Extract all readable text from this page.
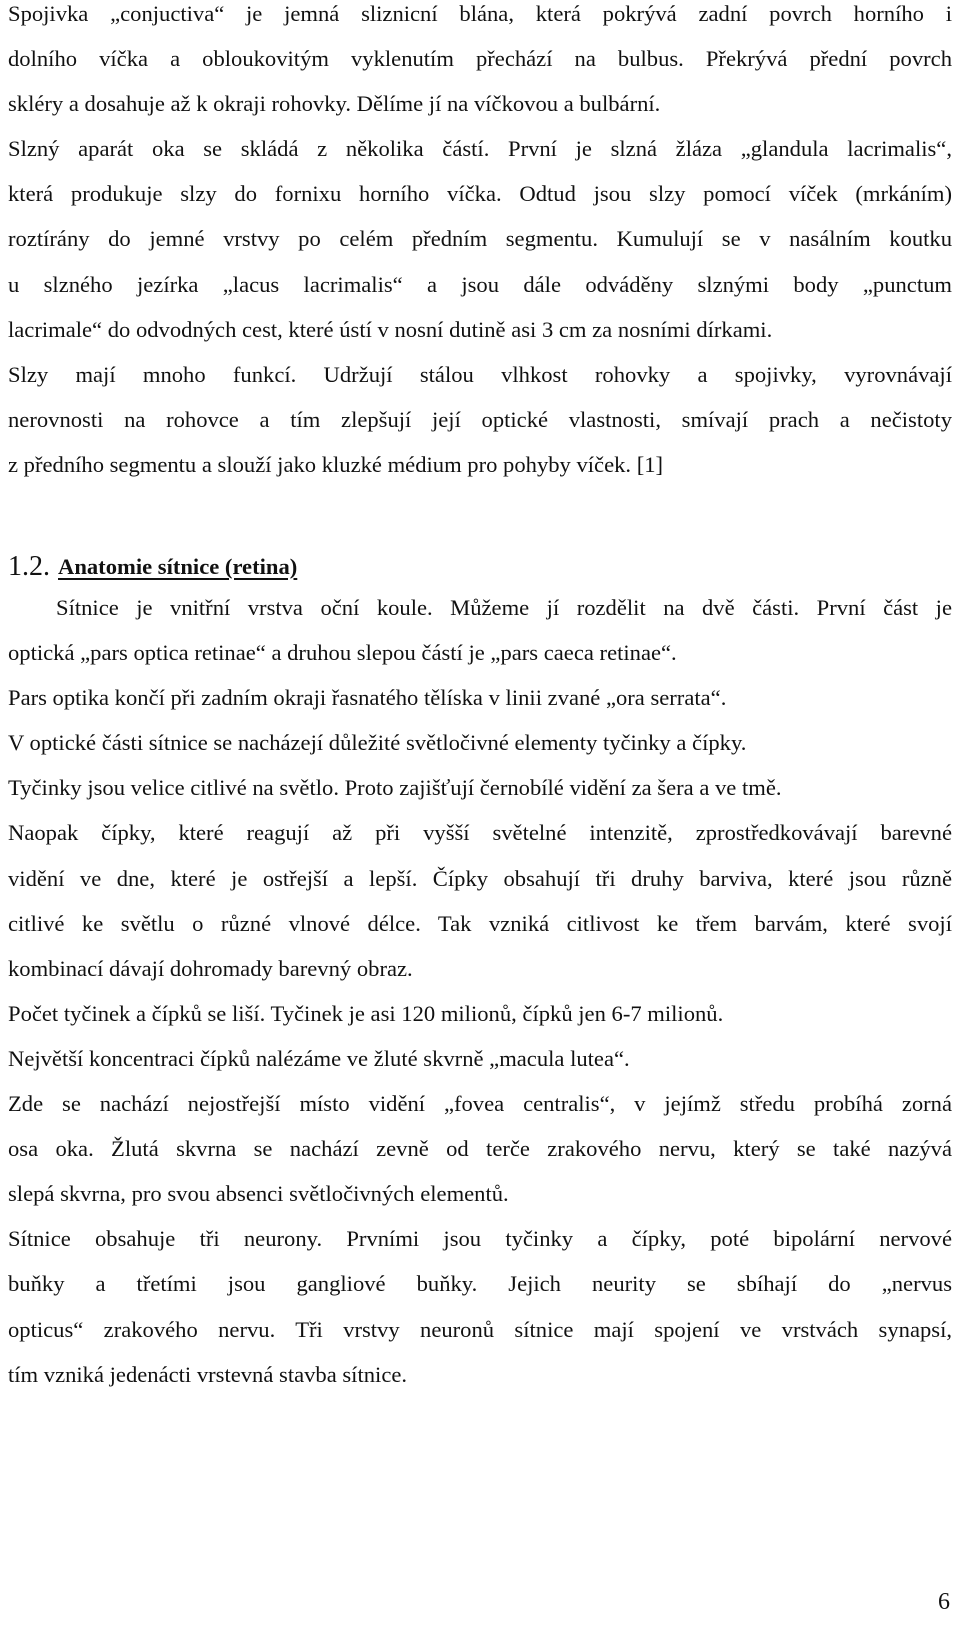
Spojivka „conjuctiva“ je jemná sliznicní blána, která pokrývá zadní povrch horního i
dolního víčka a obloukovitým vyklenutím přechází na bulbus. Překrývá přední povrch
skléry a dosahuje až k okraji rohovky. Dělíme jí na víčkovou a bulbární.
Slzný aparát oka se skládá z několika částí. První je slzná žláza „glandula lacrimalis“,
která produkuje slzy do fornixu horního víčka. Odtud jsou slzy pomocí víček (mrkáním)
roztírány do jemné vrstvy po celém předním segmentu. Kumulují se v nasálním koutku
u slzného jezírka „lacus lacrimalis“ a jsou dále odváděny slznými body „punctum
lacrimale“ do odvodných cest, které ústí v nosní dutině asi 3 cm za nosními dírkami.
Slzy mají mnoho funkcí. Udržují stálou vlhkost rohovky a spojivky, vyrovnávají
nerovnosti na rohovce a tím zlepšují její optické vlastnosti, smívají prach a nečistoty
z předního segmentu a slouží jako kluzké médium pro pohyby víček. [1]
1.2. Anatomie sítnice (retina)
Sítnice je vnitřní vrstva oční koule. Můžeme jí rozdělit na dvě části. První část je
optická „pars optica retinae“ a druhou slepou částí je „pars caeca retinae“.
Pars optika končí při zadním okraji řasnatého tělíska v linii zvané „ora serrata“.
V optické části sítnice se nacházejí důležité světločivné elementy tyčinky a čípky.
Tyčinky jsou velice citlivé na světlo. Proto zajišťují černobílé vidění za šera a ve tmě.
Naopak čípky, které reagují až při vyšší světelné intenzitě, zprostředkovávají barevné
vidění ve dne, které je ostřejší a lepší. Čípky obsahují tři druhy barviva, které jsou různě
citlivé ke světlu o různé vlnové délce. Tak vzniká citlivost ke třem barvám, které svojí
kombinací dávají dohromady barevný obraz.
Počet tyčinek a čípků se liší. Tyčinek je asi 120 milionů, čípků jen 6-7 milionů.
Největší koncentraci čípků nalézáme ve žluté skvrně „macula lutea“.
Zde se nachází nejostřejší místo vidění „fovea centralis“, v jejímž středu probíhá zorná
osa oka. Žlutá skvrna se nachází zevně od terče zrakového nervu, který se také nazývá
slepá skvrna, pro svou absenci světločivných elementů.
Sítnice obsahuje tři neurony. Prvními jsou tyčinky a čípky, poté bipolární nervové
buňky a třetími jsou gangliové buňky. Jejich neurity se sbíhají do „nervus
opticus“ zrakového nervu. Tři vrstvy neuronů sítnice mají spojení ve vrstvách synapsí,
tím vzniká jedenácti vrstevná stavba sítnice.
6
